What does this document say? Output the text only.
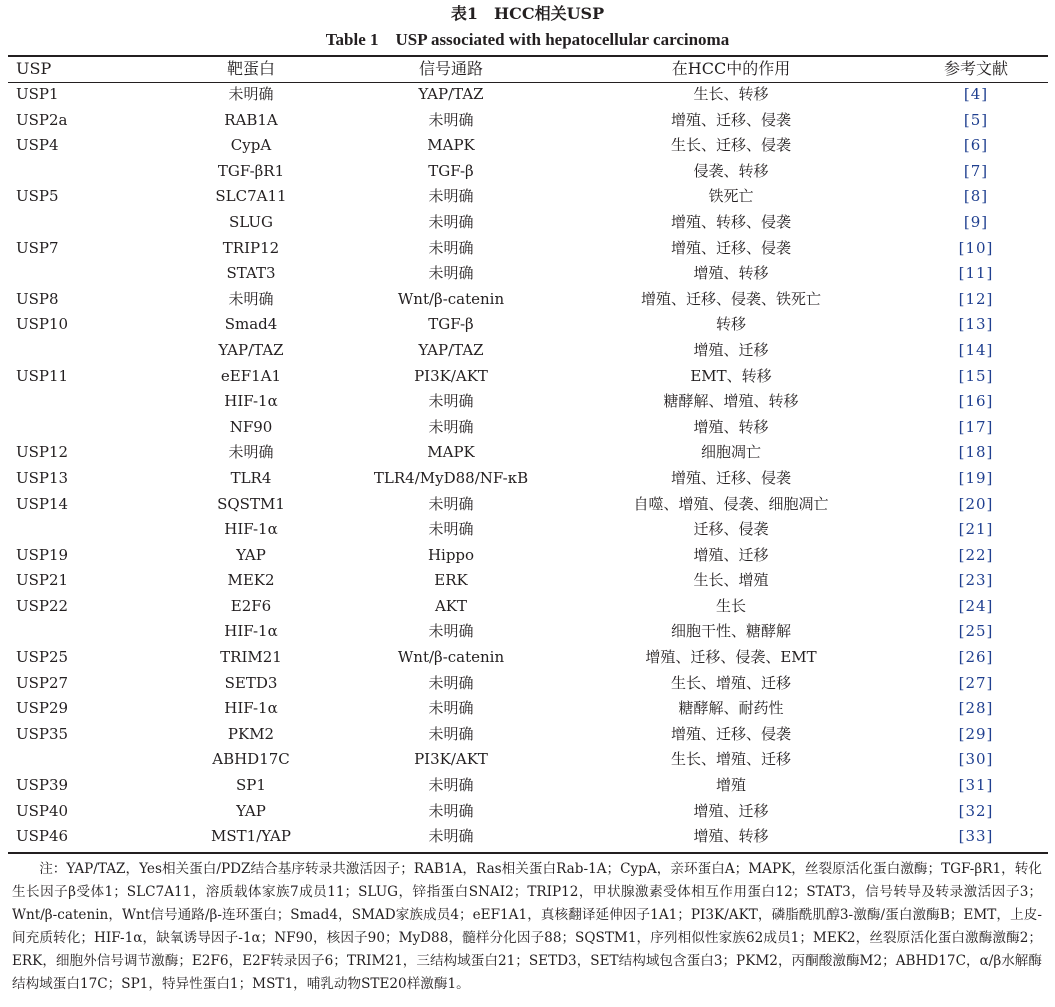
表1　HCC相关USP
Table 1　USP associated with hepatocellular carcinoma
USP	靶蛋白	信号通路	在HCC中的作用	参考文献
USP1	未明确	YAP/TAZ	生长、转移	[4]
USP2a	RAB1A	未明确	增殖、迁移、侵袭	[5]
USP4	CypA	MAPK	生长、迁移、侵袭	[6]
	TGF-βR1	TGF-β	侵袭、转移	[7]
USP5	SLC7A11	未明确	铁死亡	[8]
	SLUG	未明确	增殖、转移、侵袭	[9]
USP7	TRIP12	未明确	增殖、迁移、侵袭	[10]
	STAT3	未明确	增殖、转移	[11]
USP8	未明确	Wnt/β-catenin	增殖、迁移、侵袭、铁死亡	[12]
USP10	Smad4	TGF-β	转移	[13]
	YAP/TAZ	YAP/TAZ	增殖、迁移	[14]
USP11	eEF1A1	PI3K/AKT	EMT、转移	[15]
	HIF-1α	未明确	糖酵解、增殖、转移	[16]
	NF90	未明确	增殖、转移	[17]
USP12	未明确	MAPK	细胞凋亡	[18]
USP13	TLR4	TLR4/MyD88/NF-κB	增殖、迁移、侵袭	[19]
USP14	SQSTM1	未明确	自噬、增殖、侵袭、细胞凋亡	[20]
	HIF-1α	未明确	迁移、侵袭	[21]
USP19	YAP	Hippo	增殖、迁移	[22]
USP21	MEK2	ERK	生长、增殖	[23]
USP22	E2F6	AKT	生长	[24]
	HIF-1α	未明确	细胞干性、糖酵解	[25]
USP25	TRIM21	Wnt/β-catenin	增殖、迁移、侵袭、EMT	[26]
USP27	SETD3	未明确	生长、增殖、迁移	[27]
USP29	HIF-1α	未明确	糖酵解、耐药性	[28]
USP35	PKM2	未明确	增殖、迁移、侵袭	[29]
	ABHD17C	PI3K/AKT	生长、增殖、迁移	[30]
USP39	SP1	未明确	增殖	[31]
USP40	YAP	未明确	增殖、迁移	[32]
USP46	MST1/YAP	未明确	增殖、转移	[33]

注：YAP/TAZ，Yes相关蛋白/PDZ结合基序转录共激活因子；RAB1A，Ras相关蛋白Rab-1A；CypA，亲环蛋白A；MAPK，丝裂原活化蛋白激酶；TGF-βR1，转化生长因子β受体1；SLC7A11，溶质载体家族7成员11；SLUG，锌指蛋白SNAI2；TRIP12，甲状腺激素受体相互作用蛋白12；STAT3，信号转导及转录激活因子3；Wnt/β-catenin，Wnt信号通路/β-连环蛋白；Smad4，SMAD家族成员4；eEF1A1，真核翻译延伸因子1A1；PI3K/AKT，磷脂酰肌醇3-激酶/蛋白激酶B；EMT，上皮-间充质转化；HIF-1α，缺氧诱导因子-1α；NF90，核因子90；MyD88，髓样分化因子88；SQSTM1，序列相似性家族62成员1；MEK2，丝裂原活化蛋白激酶激酶2；ERK，细胞外信号调节激酶；E2F6，E2F转录因子6；TRIM21，三结构域蛋白21；SETD3，SET结构域包含蛋白3；PKM2，丙酮酸激酶M2；ABHD17C，α/β水解酶结构域蛋白17C；SP1，特异性蛋白1；MST1，哺乳动物STE20样激酶1。
